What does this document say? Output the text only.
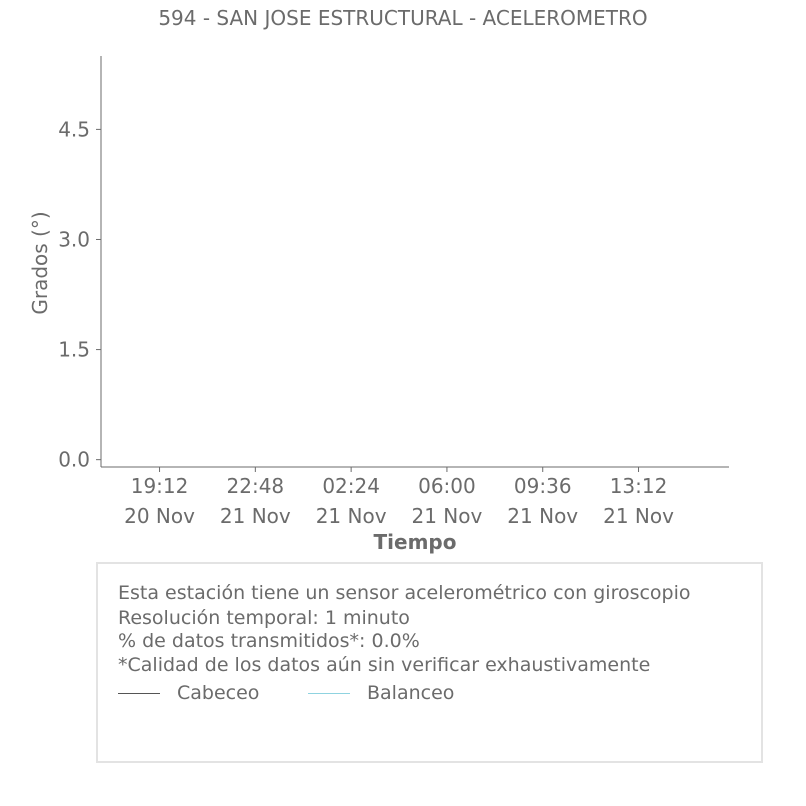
594 - SAN JOSE ESTRUCTURAL - ACELEROMETRO
0.0
1.5
3.0
4.5
19:12
20 Nov
22:48
21 Nov
02:24
21 Nov
06:00
21 Nov
09:36
21 Nov
13:12
21 Nov
Tiempo
Grados (°)
Esta estación tiene un sensor acelerométrico con giroscopio
Resolución temporal: 1 minuto
% de datos transmitidos*: 0.0%
*Calidad de los datos aún sin verificar exhaustivamente
Cabeceo	Balanceo
